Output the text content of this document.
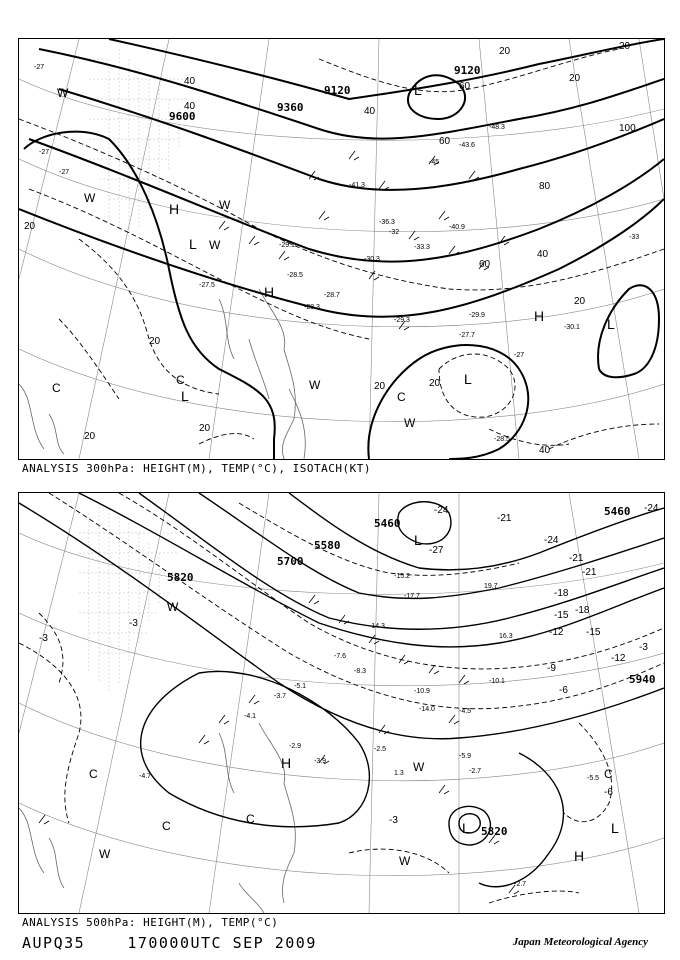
9600
9360
9120
9120
40
40
20
20
20
40
60
80
100
60
20
20	20
40
20
20
20	20
40
60
L
H
L
H
H	L
L
L
W
W	W
W
C
C
C
W
W
-27
-27
-27
-30.3
-32
-33.3
-36.3
-40.9
-45
-48.3
-43.6
-41.3
-29.1
-28.5
-28.7
-28.3
-29.3
-29.9
-27.7
-27
-28.5
-30.1
-27.5
-33
ANALYSIS 300hPa: HEIGHT(M), TEMP(°C), ISOTACH(KT)
5460
5580
5700
5820
5940
5460
5820
-24
-27
-21
-24
-21
-18
-15
-12
-9
-6
-3
-3
-3
-6
-3
-24
-21
-18
-15
-12
L
H
L
H
L
W
W
C
C	C
W
W
C
-15.2
-17.7
-14.3
-10.9
-8.3
-5.1
-4.1
-2.5
-4.5
-3.7
-3.9
-2.9
-4.7	-5.5
-2.7
-14.0
-10.1
-5.9
1.3
-7.6
19.7
16.3
-2.7
ANALYSIS 500hPa: HEIGHT(M), TEMP(°C)
AUPQ35	170000UTC SEP 2009	Japan Meteorological Agency
